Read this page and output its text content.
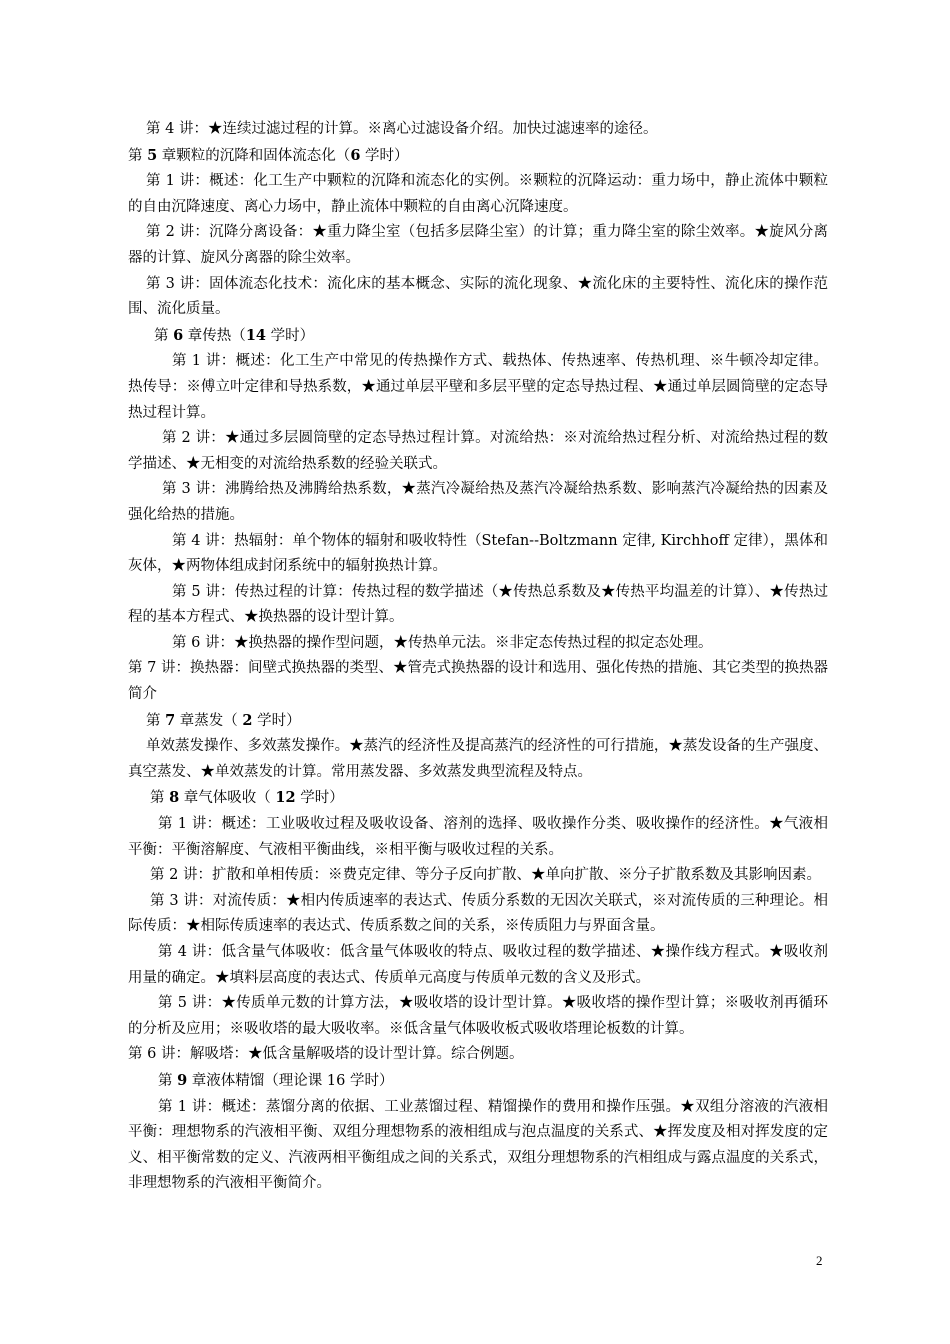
第 4 讲：★连续过滤过程的计算。※离心过滤设备介绍。加快过滤速率的途径。

第 5 章颗粒的沉降和固体流态化（6 学时）

第 1 讲：概述：化工生产中颗粒的沉降和流态化的实例。※颗粒的沉降运动：重力场中，静止流体中颗粒的自由沉降速度、离心力场中，静止流体中颗粒的自由离心沉降速度。

第 2 讲：沉降分离设备：★重力降尘室（包括多层降尘室）的计算；重力降尘室的除尘效率。★旋风分离器的计算、旋风分离器的除尘效率。

第 3 讲：固体流态化技术：流化床的基本概念、实际的流化现象、★流化床的主要特性、流化床的操作范围、流化质量。

第 6 章传热（14 学时）

第 1 讲：概述：化工生产中常见的传热操作方式、载热体、传热速率、传热机理、※牛顿冷却定律。热传导：※傅立叶定律和导热系数，★通过单层平壁和多层平壁的定态导热过程、★通过单层圆筒壁的定态导热过程计算。

第 2 讲：★通过多层圆筒壁的定态导热过程计算。对流给热：※对流给热过程分析、对流给热过程的数学描述、★无相变的对流给热系数的经验关联式。

第 3 讲：沸腾给热及沸腾给热系数，★蒸汽冷凝给热及蒸汽冷凝给热系数、影响蒸汽冷凝给热的因素及强化给热的措施。

第 4 讲：热辐射：单个物体的辐射和吸收特性（Stefan--Boltzmann 定律, Kirchhoff 定律），黑体和灰体，★两物体组成封闭系统中的辐射换热计算。

第 5 讲：传热过程的计算：传热过程的数学描述（★传热总系数及★传热平均温差的计算）、★传热过程的基本方程式、★换热器的设计型计算。

第 6 讲：★换热器的操作型问题，★传热单元法。※非定态传热过程的拟定态处理。

第 7 讲：换热器：间壁式换热器的类型、★管壳式换热器的设计和选用、强化传热的措施、其它类型的换热器简介

第 7 章蒸发（ 2 学时）

单效蒸发操作、多效蒸发操作。★蒸汽的经济性及提高蒸汽的经济性的可行措施，★蒸发设备的生产强度、真空蒸发、★单效蒸发的计算。常用蒸发器、多效蒸发典型流程及特点。

第 8 章气体吸收（ 12 学时）

第 1 讲：概述：工业吸收过程及吸收设备、溶剂的选择、吸收操作分类、吸收操作的经济性。★气液相平衡：平衡溶解度、气液相平衡曲线，※相平衡与吸收过程的关系。

第 2 讲：扩散和单相传质：※费克定律、等分子反向扩散、★单向扩散、※分子扩散系数及其影响因素。

第 3 讲：对流传质：★相内传质速率的表达式、传质分系数的无因次关联式，※对流传质的三种理论。相际传质：★相际传质速率的表达式、传质系数之间的关系，※传质阻力与界面含量。

第 4 讲：低含量气体吸收：低含量气体吸收的特点、吸收过程的数学描述、★操作线方程式。★吸收剂用量的确定。★填料层高度的表达式、传质单元高度与传质单元数的含义及形式。

第 5 讲：★传质单元数的计算方法，★吸收塔的设计型计算。★吸收塔的操作型计算；※吸收剂再循环的分析及应用；※吸收塔的最大吸收率。※低含量气体吸收板式吸收塔理论板数的计算。

第 6 讲：解吸塔：★低含量解吸塔的设计型计算。综合例题。

第 9 章液体精馏（理论课 16 学时）

第 1 讲：概述：蒸馏分离的依据、工业蒸馏过程、精馏操作的费用和操作压强。★双组分溶液的汽液相平衡：理想物系的汽液相平衡、双组分理想物系的液相组成与泡点温度的关系式、★挥发度及相对挥发度的定义、相平衡常数的定义、汽液两相平衡组成之间的关系式，双组分理想物系的汽相组成与露点温度的关系式，非理想物系的汽液相平衡简介。

2
